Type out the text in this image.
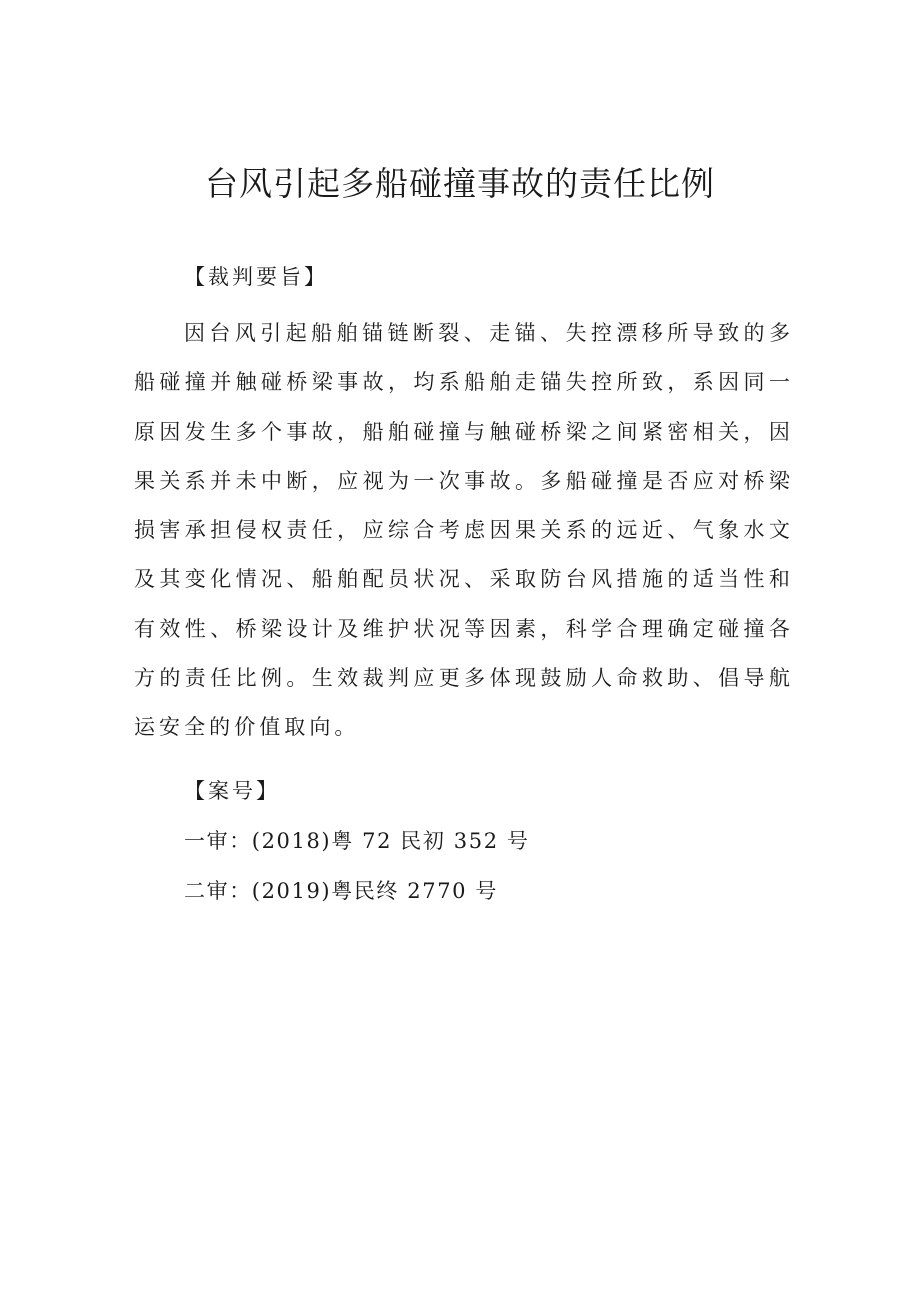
台风引起多船碰撞事故的责任比例
【裁判要旨】

因台风引起船舶锚链断裂、走锚、失控漂移所导致的多船碰撞并触碰桥梁事故，均系船舶走锚失控所致，系因同一原因发生多个事故，船舶碰撞与触碰桥梁之间紧密相关，因果关系并未中断，应视为一次事故。多船碰撞是否应对桥梁损害承担侵权责任，应综合考虑因果关系的远近、气象水文及其变化情况、船舶配员状况、采取防台风措施的适当性和有效性、桥梁设计及维护状况等因素，科学合理确定碰撞各方的责任比例。生效裁判应更多体现鼓励人命救助、倡导航运安全的价值取向。

【案号】
一审：(2018)粤 72 民初 352 号
二审：(2019)粤民终 2770 号
